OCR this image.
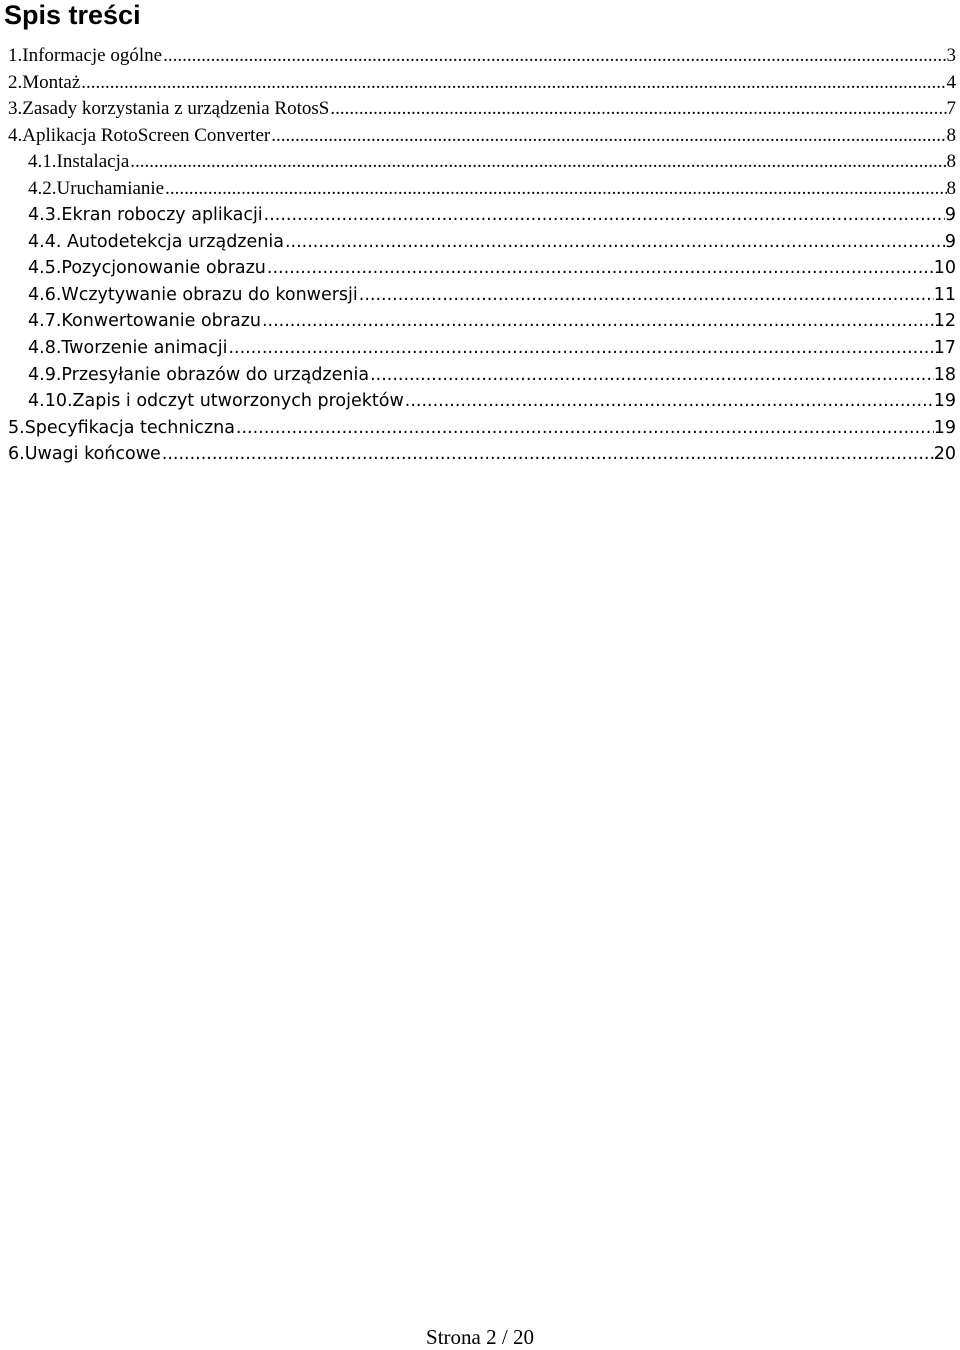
Spis treści
1.Informacje ogólne .....	3
2.Montaż .....	4
3.Zasady korzystania z urządzenia RotosS .....	7
4.Aplikacja RotoScreen Converter .....	8
4.1.Instalacja .....	8
4.2.Uruchamianie .....	8
4.3.Ekran roboczy aplikacji .....	9
4.4. Autodetekcja urządzenia .....	9
4.5.Pozycjonowanie obrazu .....	10
4.6.Wczytywanie obrazu do konwersji .....	11
4.7.Konwertowanie obrazu .....	12
4.8.Tworzenie animacji .....	17
4.9.Przesyłanie obrazów do urządzenia .....	18
4.10.Zapis i odczyt utworzonych projektów .....	19
5.Specyfikacja techniczna .....	19
6.Uwagi końcowe .....	20
Strona 2 / 20
